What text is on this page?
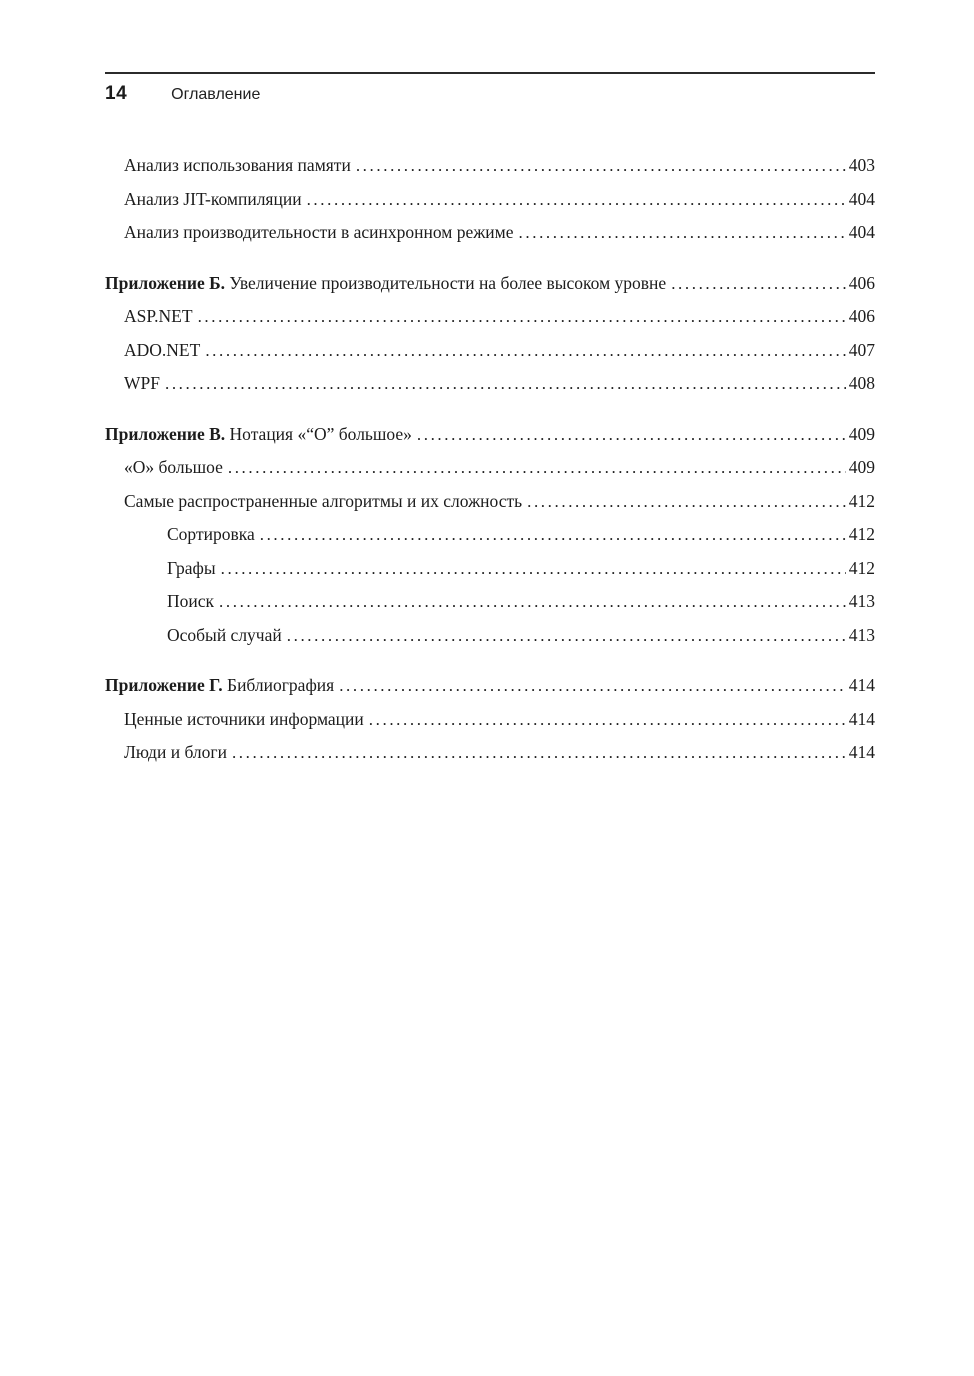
14	Оглавление
Анализ использования памяти .....	403
Анализ JIT-компиляции .....	404
Анализ производительности в асинхронном режиме .....	404
Приложение Б. Увеличение производительности на более высоком уровне .....	406
ASP.NET .....	406
ADO.NET .....	407
WPF .....	408
Приложение В. Нотация «“О” большое» .....	409
«О» большое .....	409
Самые распространенные алгоритмы и их сложность .....	412
Сортировка .....	412
Графы .....	412
Поиск .....	413
Особый случай .....	413
Приложение Г. Библиография .....	414
Ценные источники информации .....	414
Люди и блоги .....	414
